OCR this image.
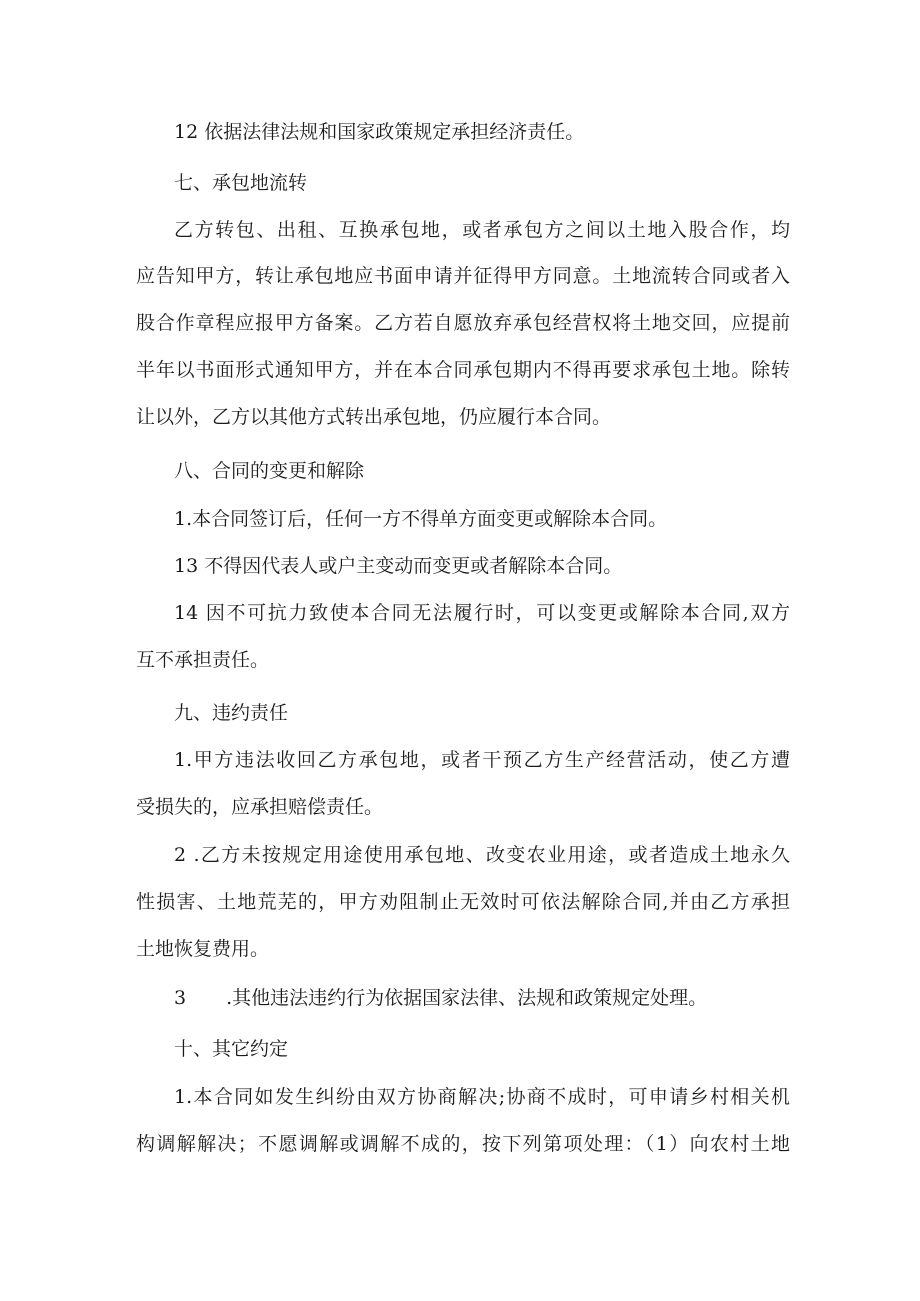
12 依据法律法规和国家政策规定承担经济责任。
七、承包地流转
乙方转包、出租、互换承包地，或者承包方之间以土地入股合作，均
应告知甲方，转让承包地应书面申请并征得甲方同意。土地流转合同或者入
股合作章程应报甲方备案。乙方若自愿放弃承包经营权将土地交回，应提前
半年以书面形式通知甲方，并在本合同承包期内不得再要求承包土地。除转
让以外，乙方以其他方式转出承包地，仍应履行本合同。
八、合同的变更和解除
1.本合同签订后，任何一方不得单方面变更或解除本合同。
13 不得因代表人或户主变动而变更或者解除本合同。
14 因不可抗力致使本合同无法履行时，可以变更或解除本合同,双方
互不承担责任。
九、违约责任
1.甲方违法收回乙方承包地，或者干预乙方生产经营活动，使乙方遭
受损失的，应承担赔偿责任。
2 .乙方未按规定用途使用承包地、改变农业用途，或者造成土地永久
性损害、土地荒芜的，甲方劝阻制止无效时可依法解除合同,并由乙方承担
土地恢复费用。
3 .其他违法违约行为依据国家法律、法规和政策规定处理。
十、其它约定
1.本合同如发生纠纷由双方协商解决;协商不成时，可申请乡村相关机
构调解解决；不愿调解或调解不成的，按下列第项处理：（1）向农村土地
